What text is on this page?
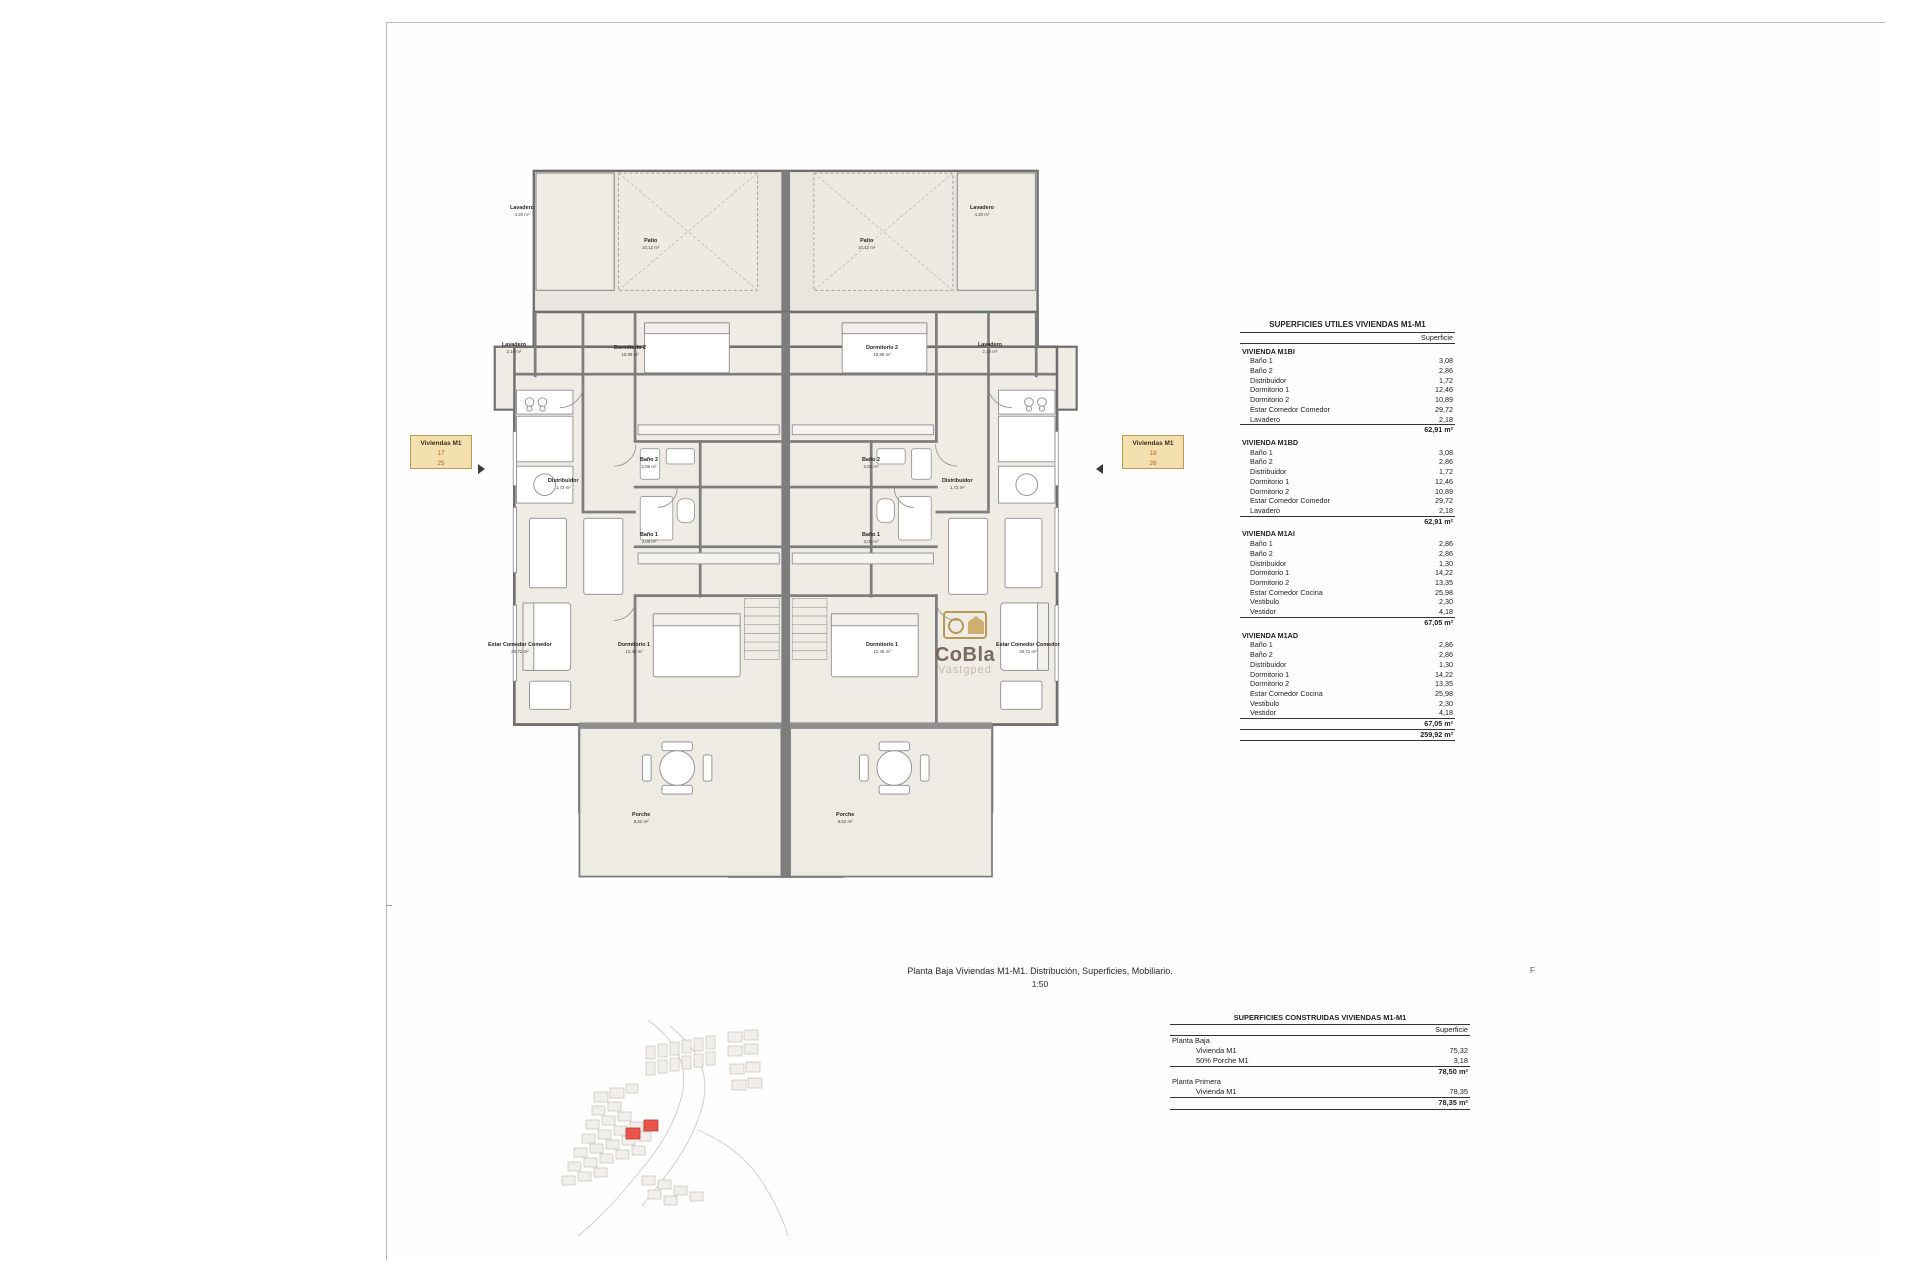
Lavadero
4,20 m²
Patio
10,12 m²
Patio
10,12 m²
Lavadero
4,20 m²
Lavadero
2,18 m²
Dormitorio 2
10,89 m²
Dormitorio 2
10,89 m²
Lavadero
2,18 m²
Distribuidor
1,72 m²
Baño 2
2,86 m²
Baño 2
2,86 m²
Distribuidor
1,72 m²
Baño 1
3,08 m²
Baño 1
3,06 m²
Estar Comedor Comedor
29,72 m²
Dormitorio 1
12,46 m²
Dormitorio 1
12,46 m²
Estar Comedor Comedor
29,72 m²
Porche
8,52 m²
Porche
8,52 m²
Viviendas M1
17
25
Viviendas M1
18
26
CoBla
Vastgped
Planta Baja Viviendas M1-M1. Distribución, Superficies, Mobiliario.
1:50
F
SUPERFICIES UTILES VIVIENDAS M1-M1	
Superficie	
VIVIENDA M1BI	
Baño 1	3,08
Baño 2	2,86
Distribuidor	1,72
Dormitorio 1	12,46
Dormitorio 2	10,89
Estar Comedor Comedor	29,72
Lavadero	2,18
62,91 m²	
VIVIENDA M1BD	
Baño 1	3,08
Baño 2	2,86
Distribuidor	1,72
Dormitorio 1	12,46
Dormitorio 2	10,89
Estar Comedor Comedor	29,72
Lavadero	2,18
62,91 m²	
VIVIENDA M1AI	
Baño 1	2,86
Baño 2	2,86
Distribuidor	1,30
Dormitorio 1	14,22
Dormitorio 2	13,35
Estar Comedor Cocina	25,98
Vestibulo	2,30
Vestidor	4,18
67,05 m²	
VIVIENDA M1AD	
Baño 1	2,86
Baño 2	2,86
Distribuidor	1,30
Dormitorio 1	14,22
Dormitorio 2	13,35
Estar Comedor Cocina	25,98
Vestibulo	2,30
Vestidor	4,18
67,05 m²	
259,92 m²	
SUPERFICIES CONSTRUIDAS VIVIENDAS M1-M1	
Superficie	
Planta Baja	
Vivienda M1	75,32
50% Porche M1	3,18
78,50 m²	
Planta Primera	
Vivienda M1	78,35
78,35 m²	
